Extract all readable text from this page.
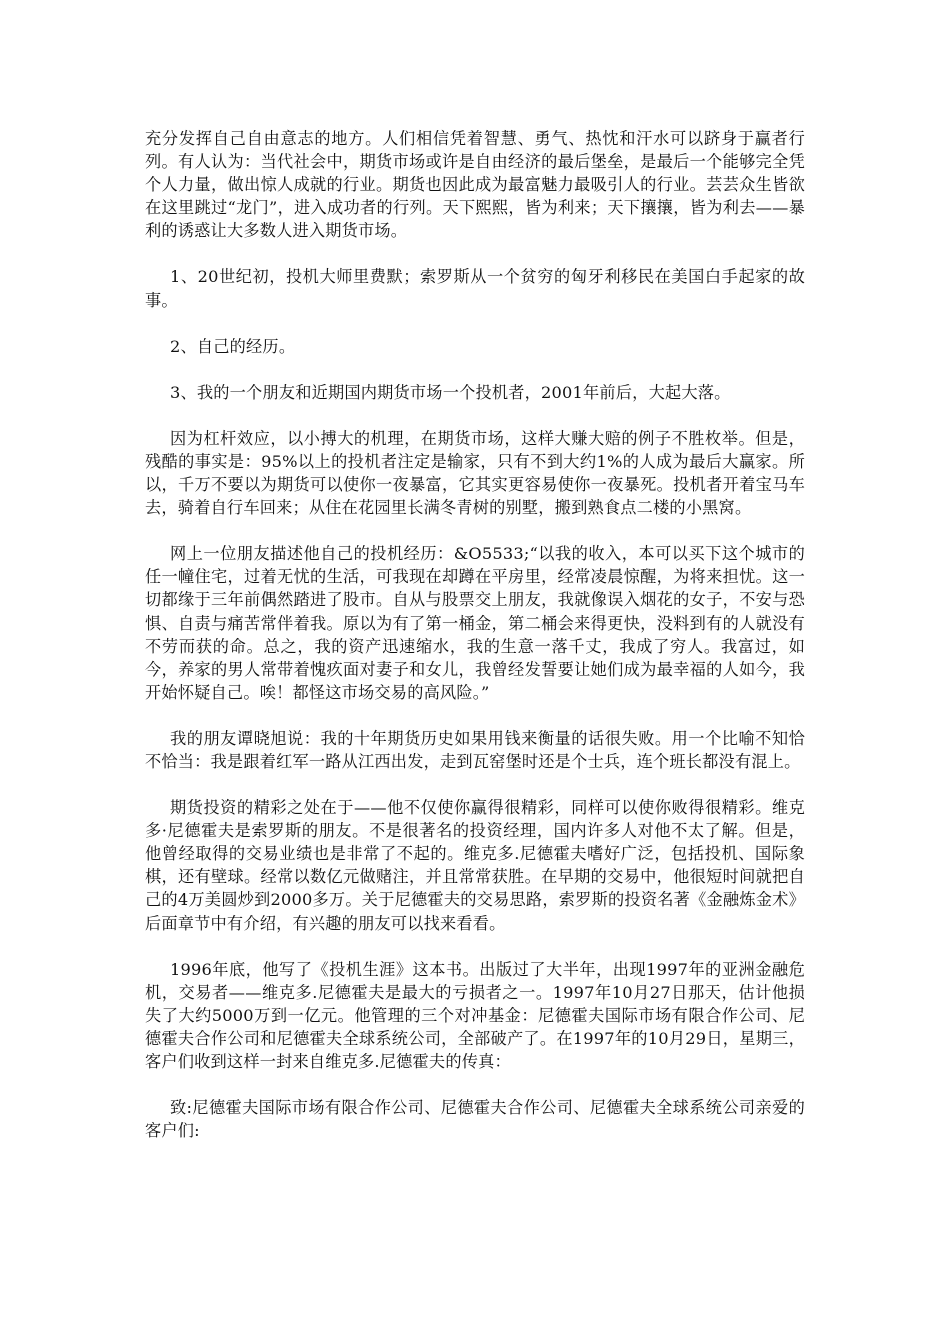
充分发挥自己自由意志的地方。人们相信凭着智慧、勇气、热忱和汗水可以跻身于赢者行列。有人认为：当代社会中，期货市场或许是自由经济的最后堡垒，是最后一个能够完全凭个人力量，做出惊人成就的行业。期货也因此成为最富魅力最吸引人的行业。芸芸众生皆欲在这里跳过“龙门”，进入成功者的行列。天下熙熙，皆为利来；天下攘攘，皆为利去——暴利的诱惑让大多数人进入期货市场。

1、20世纪初，投机大师里费默；索罗斯从一个贫穷的匈牙利移民在美国白手起家的故事。

2、自己的经历。

3、我的一个朋友和近期国内期货市场一个投机者，2001年前后，大起大落。

因为杠杆效应，以小搏大的机理，在期货市场，这样大赚大赔的例子不胜枚举。但是，残酷的事实是：95%以上的投机者注定是输家，只有不到大约1%的人成为最后大赢家。所以，千万不要以为期货可以使你一夜暴富，它其实更容易使你一夜暴死。投机者开着宝马车去，骑着自行车回来；从住在花园里长满冬青树的别墅，搬到熟食点二楼的小黑窝。

网上一位朋友描述他自己的投机经历：&O5533;“以我的收入，本可以买下这个城市的任一幢住宅，过着无忧的生活，可我现在却蹲在平房里，经常凌晨惊醒，为将来担忧。这一切都缘于三年前偶然踏进了股市。自从与股票交上朋友，我就像误入烟花的女子，不安与恐惧、自责与痛苦常伴着我。原以为有了第一桶金，第二桶会来得更快，没料到有的人就没有不劳而获的命。总之，我的资产迅速缩水，我的生意一落千丈，我成了穷人。我富过，如今，养家的男人常带着愧疚面对妻子和女儿，我曾经发誓要让她们成为最幸福的人如今，我开始怀疑自己。唉！都怪这市场交易的高风险。”

我的朋友谭晓旭说：我的十年期货历史如果用钱来衡量的话很失败。用一个比喻不知恰不恰当：我是跟着红军一路从江西出发，走到瓦窑堡时还是个士兵，连个班长都没有混上。

期货投资的精彩之处在于——他不仅使你赢得很精彩，同样可以使你败得很精彩。维克多·尼德霍夫是索罗斯的朋友。不是很著名的投资经理，国内许多人对他不太了解。但是，他曾经取得的交易业绩也是非常了不起的。维克多.尼德霍夫嗜好广泛，包括投机、国际象棋，还有壁球。经常以数亿元做赌注，并且常常获胜。在早期的交易中，他很短时间就把自己的4万美圆炒到2000多万。关于尼德霍夫的交易思路，索罗斯的投资名著《金融炼金术》后面章节中有介绍，有兴趣的朋友可以找来看看。

1996年底，他写了《投机生涯》这本书。出版过了大半年，出现1997年的亚洲金融危机，交易者——维克多.尼德霍夫是最大的亏损者之一。1997年10月27日那天，估计他损失了大约5000万到一亿元。他管理的三个对冲基金：尼德霍夫国际市场有限合作公司、尼德霍夫合作公司和尼德霍夫全球系统公司，全部破产了。在1997年的10月29日，星期三，客户们收到这样一封来自维克多.尼德霍夫的传真：

致:尼德霍夫国际市场有限合作公司、尼德霍夫合作公司、尼德霍夫全球系统公司亲爱的客户们:
